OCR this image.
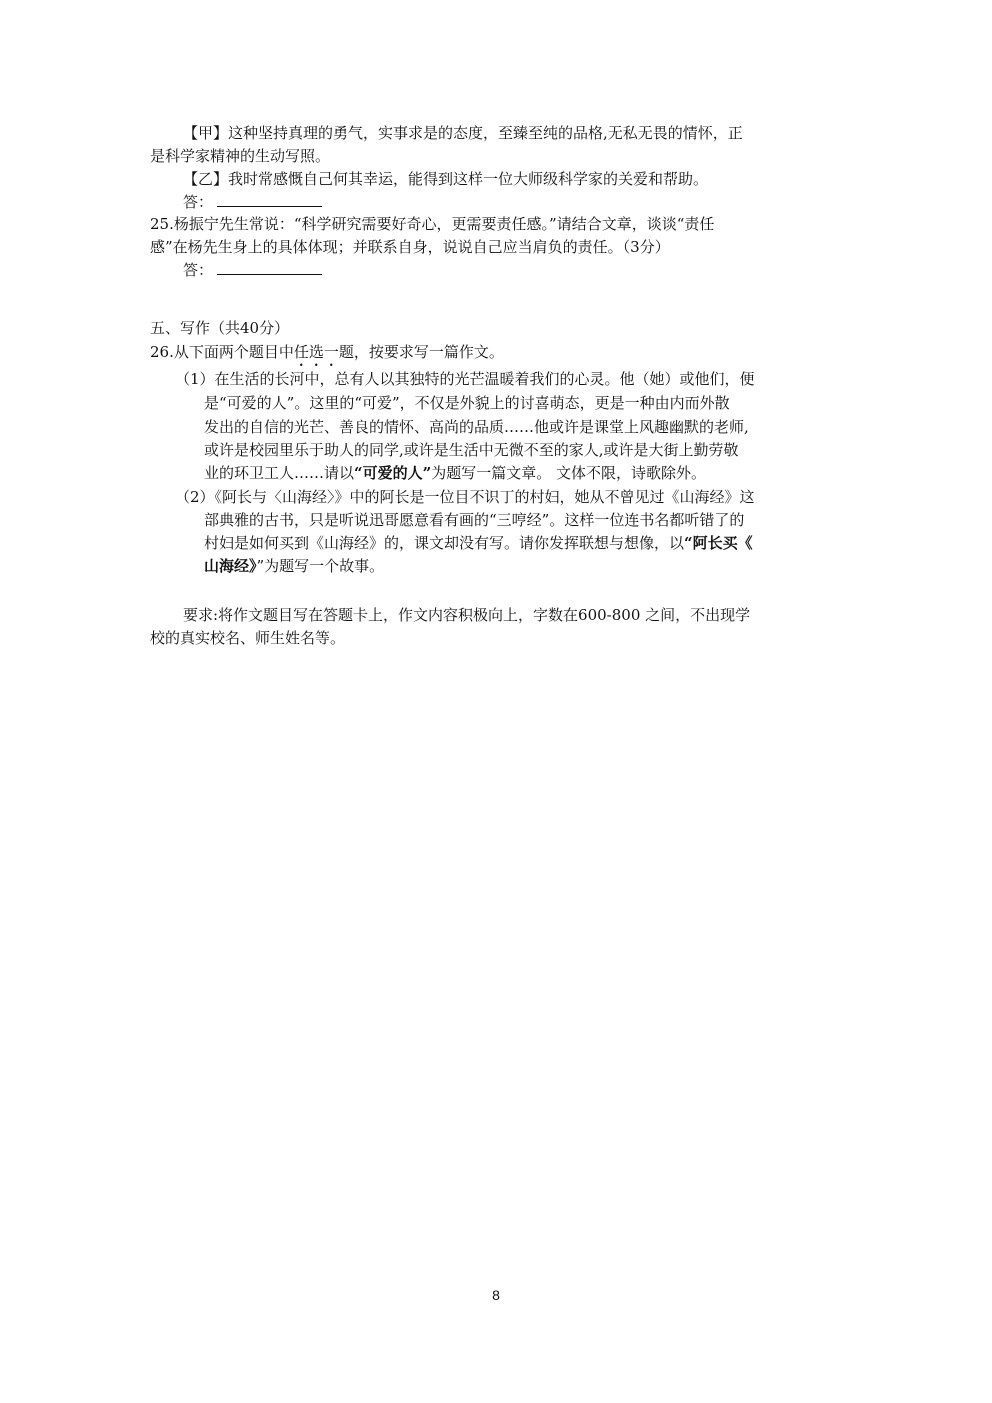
【甲】这种坚持真理的勇气，实事求是的态度，至臻至纯的品格,无私无畏的情怀，正
是科学家精神的生动写照。
【乙】我时常感慨自己何其幸运，能得到这样一位大师级科学家的关爱和帮助。
答：
25.杨振宁先生常说：“科学研究需要好奇心，更需要责任感。”请结合文章，谈谈“责任
感”在杨先生身上的具体体现；并联系自身，说说自己应当肩负的责任。（3分）
答：
五、写作（共40分）
26.从下面两个题目中任选一题，按要求写一篇作文。
（1）在生活的长河中，总有人以其独特的光芒温暖着我们的心灵。他（她）或他们，便
是“可爱的人”。这里的“可爱”，不仅是外貌上的讨喜萌态，更是一种由内而外散
发出的自信的光芒、善良的情怀、高尚的品质……他或许是课堂上风趣幽默的老师,
或许是校园里乐于助人的同学,或许是生活中无微不至的家人,或许是大街上勤劳敬
业的环卫工人……请以“可爱的人”为题写一篇文章。 文体不限，诗歌除外。
（2）《阿长与〈山海经〉》中的阿长是一位目不识丁的村妇，她从不曾见过《山海经》这
部典雅的古书，只是听说迅哥愿意看有画的“三哼经”。这样一位连书名都听错了的
村妇是如何买到《山海经》的，课文却没有写。请你发挥联想与想像，以“阿长买《
山海经》”为题写一个故事。
要求:将作文题目写在答题卡上，作文内容积极向上，字数在600-800 之间，不出现学
校的真实校名、师生姓名等。
8
